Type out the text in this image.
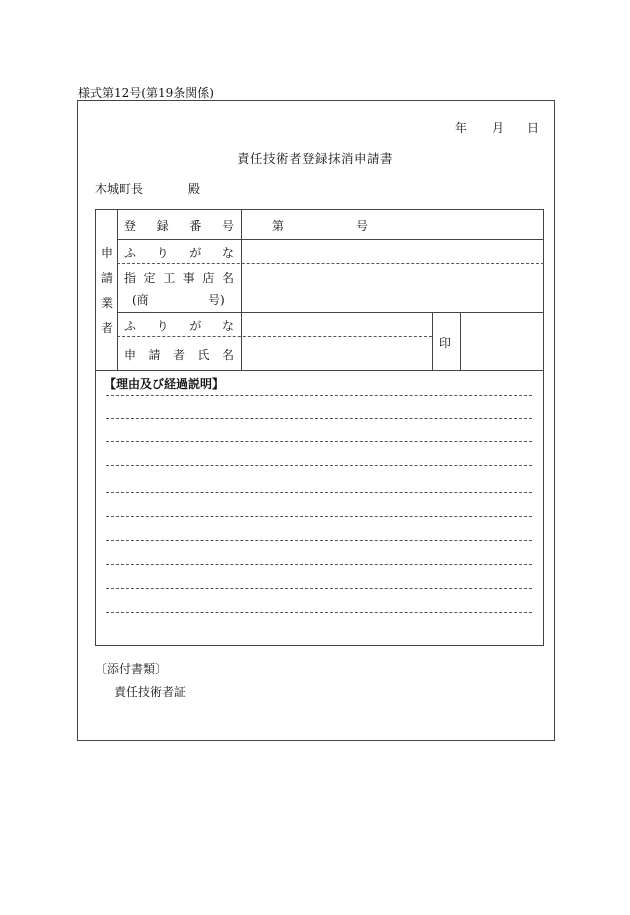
様式第12号(第19条関係)
年 月 日
責任技術者登録抹消申請書
木城町長	殿
申
請
業
者
登 録 番 号	第	号
ふ り が な
指 定 工 事 店 名
(商	号)
ふ り が な
申 請 者 氏 名
印
【理由及び経過説明】
〔添付書類〕
責任技術者証
